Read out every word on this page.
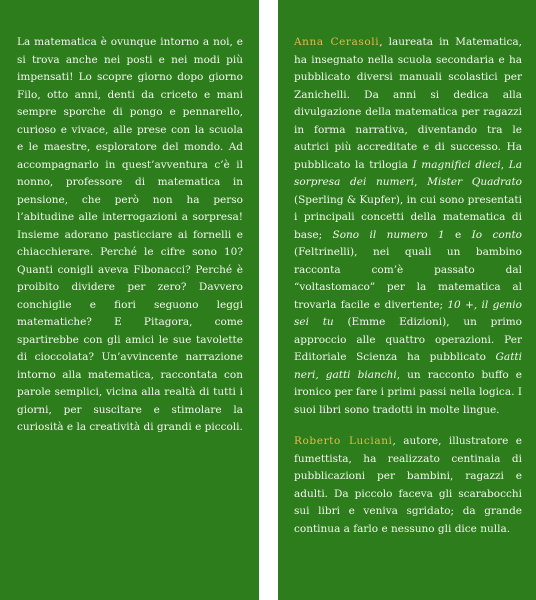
La matematica è ovunque intorno a noi, e si trova anche nei posti e nei modi più impensati! Lo scopre giorno dopo giorno Filo, otto anni, denti da criceto e mani sempre sporche di pongo e pennarello, curioso e vivace, alle prese con la scuola e le maestre, esploratore del mondo. Ad accompagnarlo in quest’avventura c’è il nonno, professore di matematica in pensione, che però non ha perso l’abitudine alle interrogazioni a sorpresa! Insieme adorano pasticciare ai fornelli e chiacchierare. Perché le cifre sono 10? Quanti conigli aveva Fibonacci? Perché è proibito dividere per zero? Davvero conchiglie e fiori seguono leggi matematiche? E Pitagora, come spartirebbe con gli amici le sue tavolette di cioccolata? Un’avvincente narrazione intorno alla matematica, raccontata con parole semplici, vicina alla realtà di tutti i giorni, per suscitare e stimolare la curiosità e la creatività di grandi e piccoli.

Anna Cerasoli, laureata in Matematica, ha insegnato nella scuola secondaria e ha pubblicato diversi manuali scolastici per Zanichelli. Da anni si dedica alla divulgazione della matematica per ragazzi in forma narrativa, diventando tra le autrici più accreditate e di successo. Ha pubblicato la trilogia I magnifici dieci, La sorpresa dei numeri, Mister Quadrato (Sperling & Kupfer), in cui sono presentati i principali concetti della matematica di base; Sono il numero 1 e Io conto (Feltrinelli), nei quali un bambino racconta com’è passato dal “voltastomaco” per la matematica al trovarla facile e divertente; 10 +, il genio sei tu (Emme Edizioni), un primo approccio alle quattro operazioni. Per Editoriale Scienza ha pubblicato Gatti neri, gatti bianchi, un racconto buffo e ironico per fare i primi passi nella logica. I suoi libri sono tradotti in molte lingue.

Roberto Luciani, autore, illustratore e fumettista, ha realizzato centinaia di pubblicazioni per bambini, ragazzi e adulti. Da piccolo faceva gli scarabocchi sui libri e veniva sgridato; da grande continua a farlo e nessuno gli dice nulla.
